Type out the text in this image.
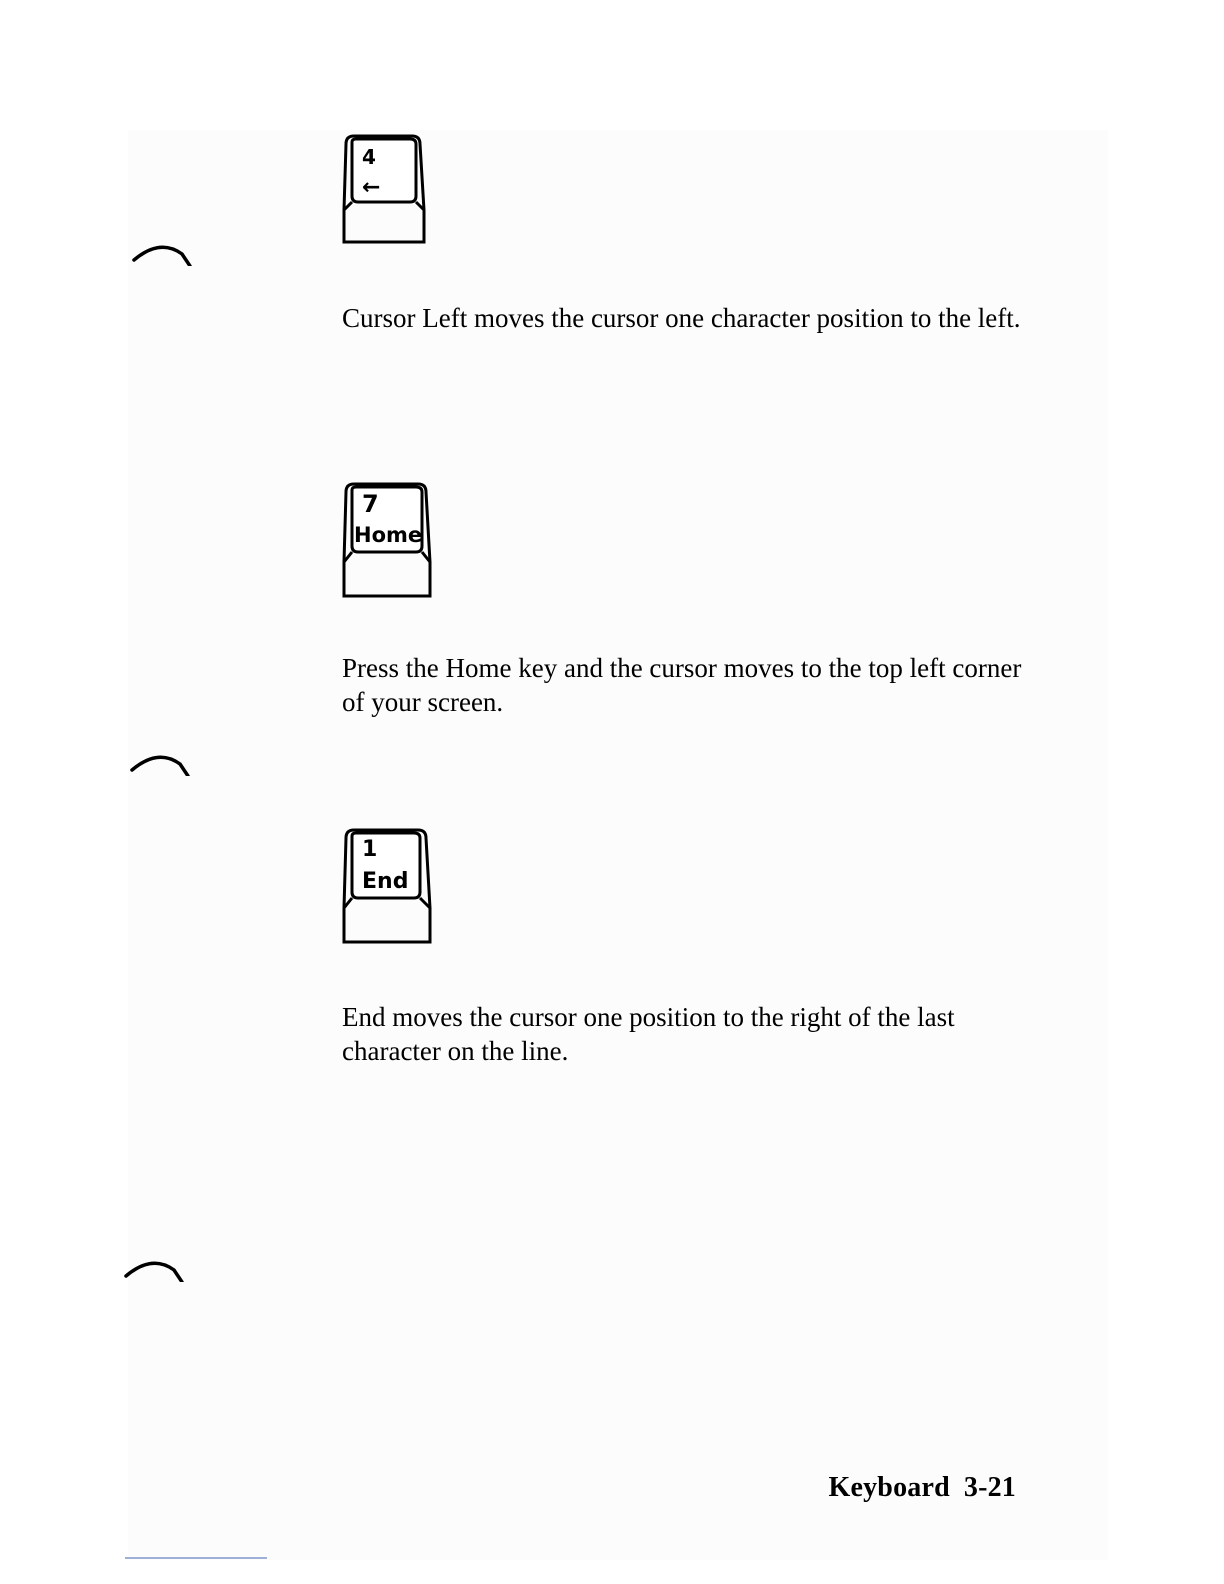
4
←

Cursor Left moves the cursor one character position to the left.

7
Home

Press the Home key and the cursor moves to the top left corner of your screen.

1
End

End moves the cursor one position to the right of the last character on the line.

Keyboard 3-21
